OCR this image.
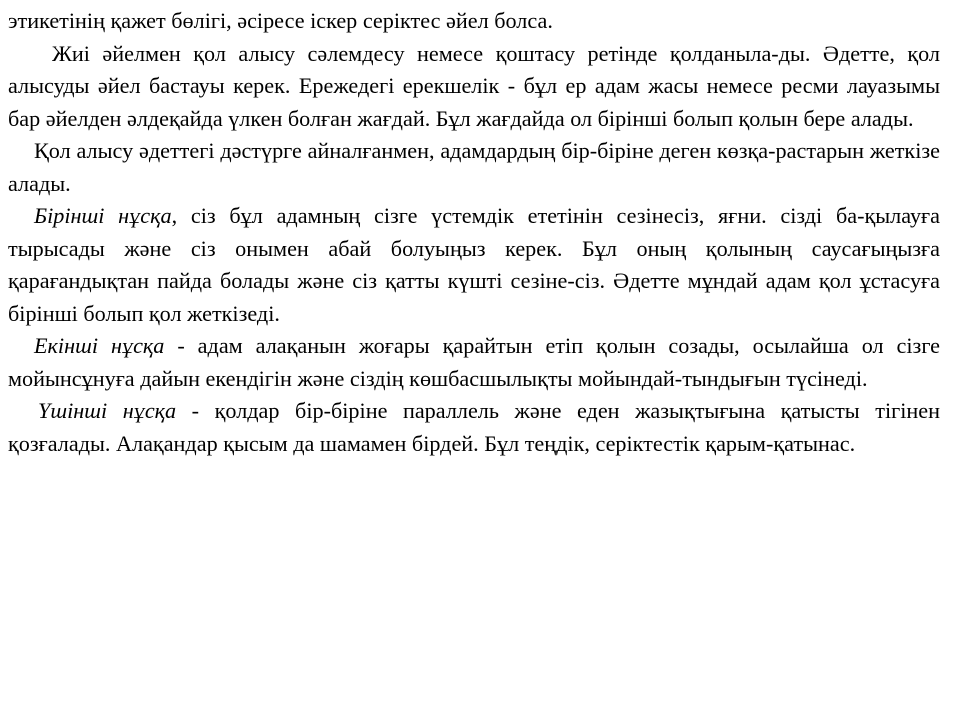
этикетінің қажет бөлігі, әсіресе іскер серіктес әйел болса.

Жиі әйелмен қол алысу сәлемдесу немесе қоштасу ретінде қолданыла-ды. Әдетте, қол алысуды әйел бастауы керек. Ережедегі ерекшелік - бұл ер адам жасы немесе ресми лауазымы бар әйелден әлдеқайда үлкен болған жағдай. Бұл жағдайда ол бірінші болып қолын бере алады.

Қол алысу әдеттегі дәстүрге айналғанмен, адамдардың бір-біріне деген көзқа-растарын жеткізе алады.

Бірінші нұсқа, сіз бұл адамның сізге үстемдік ететінін сезінесіз, яғни. сізді ба-қылауға тырысады және сіз онымен абай болуыңыз керек. Бұл оның қолының саусағыңызға қарағандықтан пайда болады және сіз қатты күшті сезіне-сіз. Әдетте мұндай адам қол ұстасуға бірінші болып қол жеткізеді.

Екінші нұсқа - адам алақанын жоғары қарайтын етіп қолын созады, осылайша ол сізге мойынсұнуға дайын екендігін және сіздің көшбасшылықты мойындай-тындығын түсінеді.

Үшінші нұсқа - қолдар бір-біріне параллель және еден жазықтығына қатысты тігінен қозғалады. Алақандар қысым да шамамен бірдей. Бұл теңдік, серіктестік қарым-қатынас.
